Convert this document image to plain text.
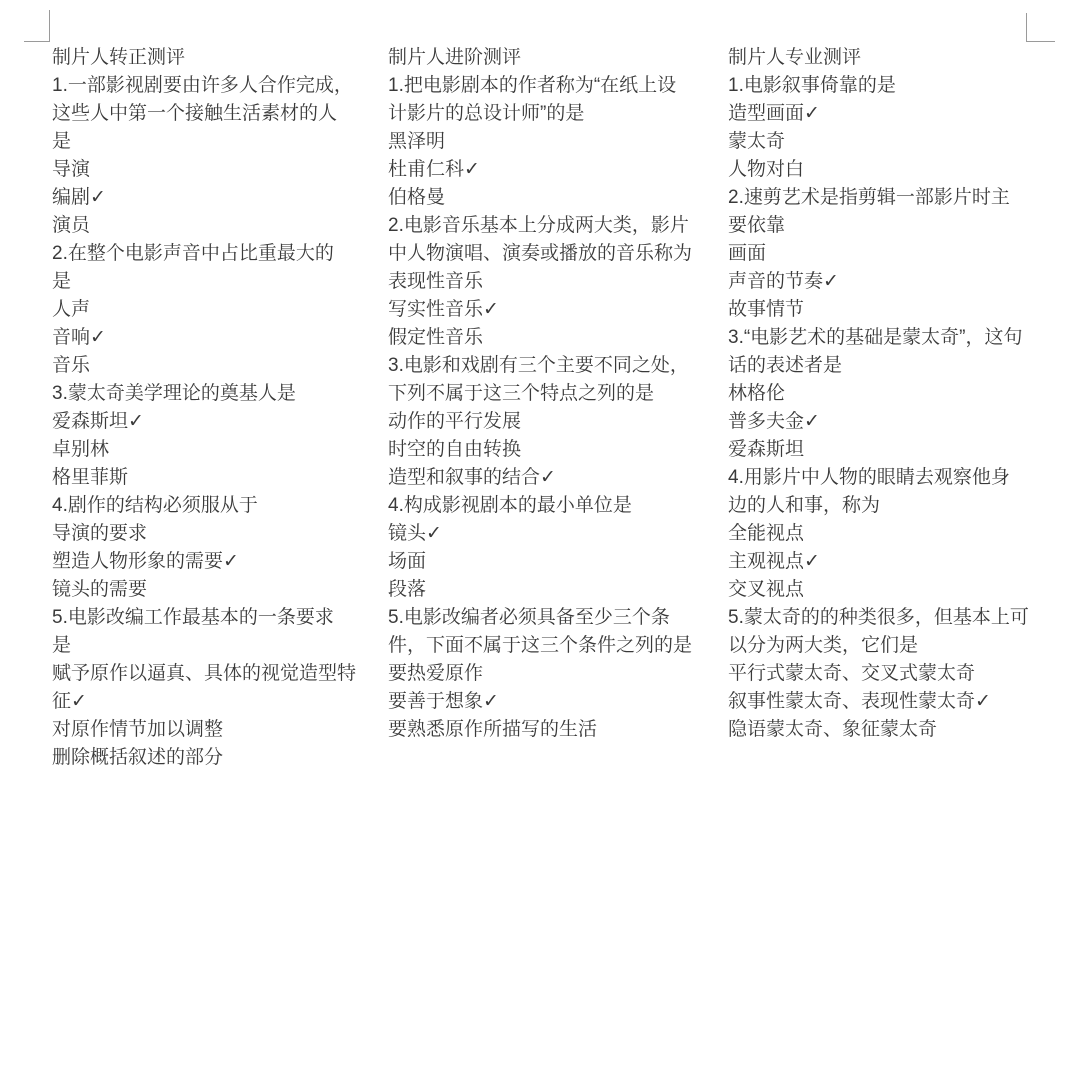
制片人转正测评
1.一部影视剧要由许多人合作完成，
这些人中第一个接触生活素材的人
是
导演
编剧✓
演员
2.在整个电影声音中占比重最大的
是
人声
音响✓
音乐
3.蒙太奇美学理论的奠基人是
爱森斯坦✓
卓别林
格里菲斯
4.剧作的结构必须服从于
导演的要求
塑造人物形象的需要✓
镜头的需要
5.电影改编工作最基本的一条要求
是
赋予原作以逼真、具体的视觉造型特
征✓
对原作情节加以调整
删除概括叙述的部分
制片人进阶测评
1.把电影剧本的作者称为“在纸上设
计影片的总设计师”的是
黑泽明
杜甫仁科✓
伯格曼
2.电影音乐基本上分成两大类，影片
中人物演唱、演奏或播放的音乐称为
表现性音乐
写实性音乐✓
假定性音乐
3.电影和戏剧有三个主要不同之处，
下列不属于这三个特点之列的是
动作的平行发展
时空的自由转换
造型和叙事的结合✓
4.构成影视剧本的最小单位是
镜头✓
场面
段落
5.电影改编者必须具备至少三个条
件，下面不属于这三个条件之列的是
要热爱原作
要善于想象✓
要熟悉原作所描写的生活
制片人专业测评
1.电影叙事倚靠的是
造型画面✓
蒙太奇
人物对白
2.速剪艺术是指剪辑一部影片时主
要依靠
画面
声音的节奏✓
故事情节
3.“电影艺术的基础是蒙太奇”，这句
话的表述者是
林格伦
普多夫金✓
爱森斯坦
4.用影片中人物的眼睛去观察他身
边的人和事，称为
全能视点
主观视点✓
交叉视点
5.蒙太奇的的种类很多，但基本上可
以分为两大类，它们是
平行式蒙太奇、交叉式蒙太奇
叙事性蒙太奇、表现性蒙太奇✓
隐语蒙太奇、象征蒙太奇
